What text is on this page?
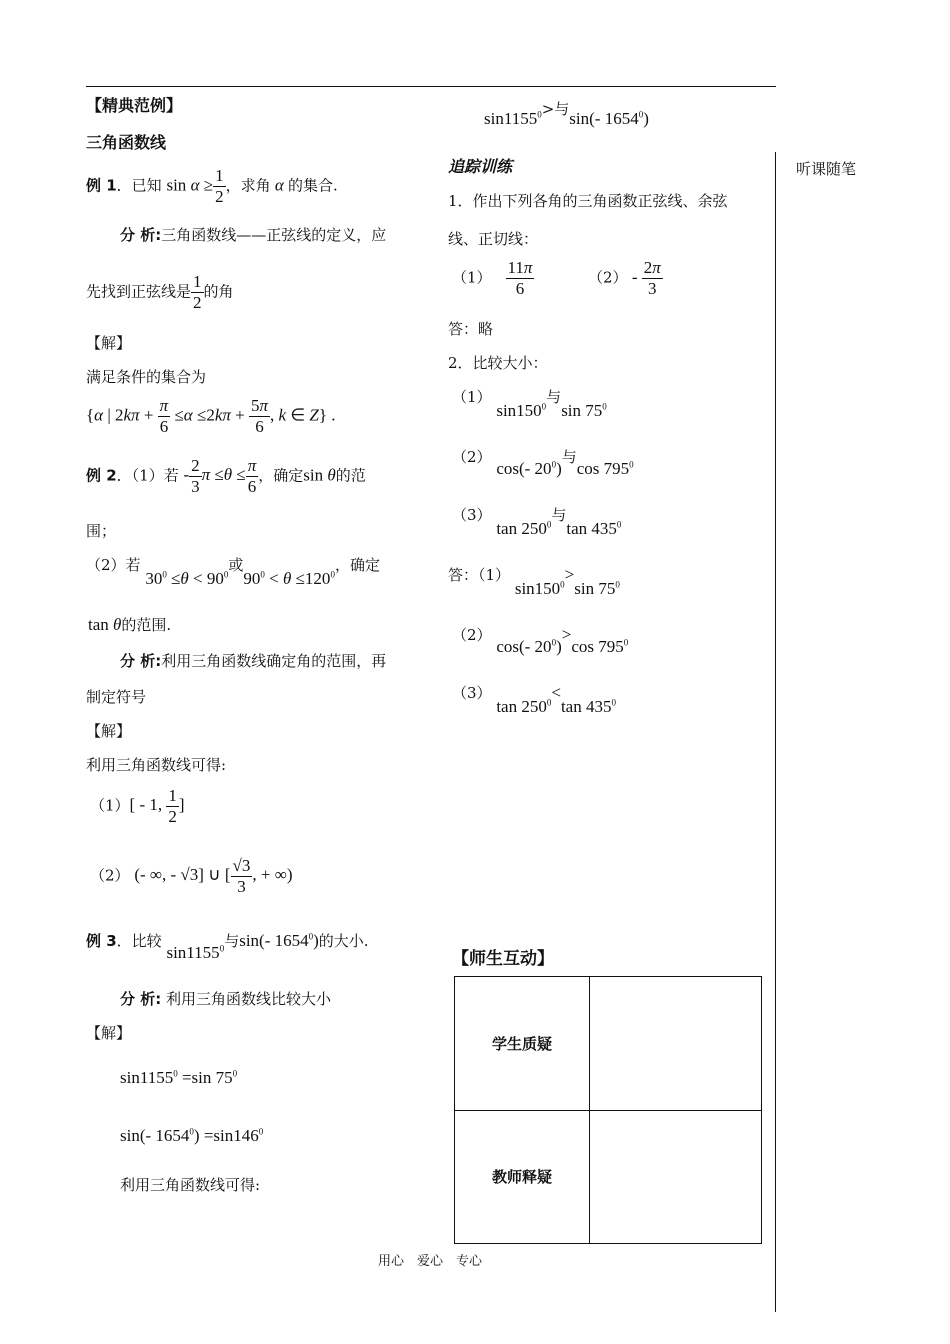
听课随笔
【精典范例】
三角函数线
例 1．已知 $\sin \alpha \ge \frac{1}{2}$ ，求角 α 的集合.
分 析:三角函数线——正弦线的定义，应
先找到正弦线是 $\frac{1}{2}$ 的角
【解】
满足条件的集合为
{α | $2k\pi + \frac{\pi}{6} \le\alpha \le 2k\pi + \frac{5\pi}{6}$ , k ∈ Z} .
例 2．（1）若 - $\frac{2}{3}$ $\pi \le\theta \le \frac{\pi}{6}$ ，确定sin θ的范
围；
（2）若 $30^0 \le\theta < 90^0$或$90^0 < \theta \le 120^0$，确定
tan θ的范围.
分 析:利用三角函数线确定角的范围，再
制定符号
【解】
利用三角函数线可得:
（1）[ - 1, $\frac{1}{2}$ ]
（2） (- ∞, - √3] ∪ [ $\frac{√3}{3}$ , + ∞)
例 3．比较 sin1155$^0$与sin(- 1654$^0$)的大小.
分 析: 利用三角函数线比较大小
【解】
$\sin 1155^0 =\sin$ $75^0$
sin(- $1654^0) =\sin 146^0$
利用三角函数线可得:
$\sin 1155^0>$与sin(- 1654$^0$)
追踪训练
1．作出下列各角的三角函数正弦线、余弦
线、正切线：
$(1) \frac{11\pi}{6}$	$(2) - \frac{2\pi}{3}$
答：略
2．比较大小：
（1） $\sin 150^0$与$\sin 75^0$
（2） cos(- $20^0$)与$\cos 795^0$
（3） $\tan 250^0$与$\tan 435^0$
答：（1） $\sin 150^0>\sin$ $75^0$
（2） cos(- $20^0)>\cos$ $795^0$
（3） $\tan 250^0<\tan$ $435^0$
【师生互动】
学生质疑	
教师释疑	
用心　爱心　专心
